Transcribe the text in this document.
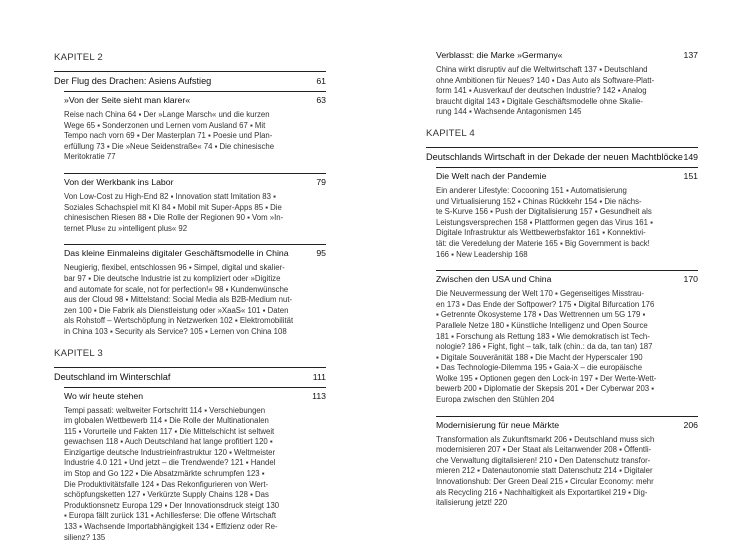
KAPITEL 2
Der Flug des Drachen: Asiens Aufstieg	61
»Von der Seite sieht man klarer«	63
Reise nach China 64 ▪ Der »Lange Marsch« und die kurzen
Wege 65 ▪ Sonderzonen und Lernen vom Ausland 67 ▪ Mit
Tempo nach vorn 69 ▪ Der Masterplan 71 ▪ Poesie und Plan-
erfüllung 73 ▪ Die »Neue Seidenstraße« 74 ▪ Die chinesische
Meritokratie 77
Von der Werkbank ins Labor	79
Von Low-Cost zu High-End 82 ▪ Innovation statt Imitation 83 ▪
Soziales Schachspiel mit KI 84 ▪ Mobil mit Super-Apps 85 ▪ Die
chinesischen Riesen 88 ▪ Die Rolle der Regionen 90 ▪ Vom »In-
ternet Plus« zu »intelligent plus« 92
Das kleine Einmaleins digitaler Geschäftsmodelle in China	95
Neugierig, flexibel, entschlossen 96 ▪ Simpel, digital und skalier-
bar 97 ▪ Die deutsche Industrie ist zu kompliziert oder »Digitize
and automate for scale, not for perfection!« 98 ▪ Kundenwünsche
aus der Cloud 98 ▪ Mittelstand: Social Media als B2B-Medium nut-
zen 100 ▪ Die Fabrik als Dienstleistung oder »XaaS« 101 ▪ Daten
als Rohstoff – Wertschöpfung in Netzwerken 102 ▪ Elektromobilität
in China 103 ▪ Security als Service? 105 ▪ Lernen von China 108
KAPITEL 3
Deutschland im Winterschlaf	111
Wo wir heute stehen	113
Tempi passati: weltweiter Fortschritt 114 ▪ Verschiebungen
im globalen Wettbewerb 114 ▪ Die Rolle der Multinationalen
115 ▪ Vorurteile und Fakten 117 ▪ Die Mittelschicht ist seltweit
gewachsen 118 ▪ Auch Deutschland hat lange profitiert 120 ▪
Einzigartige deutsche Industrieinfrastruktur 120 ▪ Weltmeister
Industrie 4.0 121 ▪ Und jetzt – die Trendwende? 121 ▪ Handel
im Stop and Go 122 ▪ Die Absatzmärkte schrumpfen 123 ▪
Die Produktivitätsfalle 124 ▪ Das Rekonfigurieren von Wert-
schöpfungsketten 127 ▪ Verkürzte Supply Chains 128 ▪ Das
Produktionsnetz Europa 129 ▪ Der Innovationsdruck steigt 130
▪ Europa fällt zurück 131 ▪ Achillesferse: Die offene Wirtschaft
133 ▪ Wachsende Importabhängigkeit 134 ▪ Effizienz oder Re-
silienz? 135
Verblasst: die Marke »Germany«	137
China wirkt disruptiv auf die Weltwirtschaft 137 ▪ Deutschland
ohne Ambitionen für Neues? 140 ▪ Das Auto als Software-Platt-
form 141 ▪ Ausverkauf der deutschen Industrie? 142 ▪ Analog
braucht digital 143 ▪ Digitale Geschäftsmodelle ohne Skalie-
rung 144 ▪ Wachsende Antagonismen 145
KAPITEL 4
Deutschlands Wirtschaft in der Dekade der neuen Machtblöcke 149
Die Welt nach der Pandemie	151
Ein anderer Lifestyle: Cocooning 151 ▪ Automatisierung
und Virtualisierung 152 ▪ Chinas Rückkehr 154 ▪ Die nächs-
te S-Kurve 156 ▪ Push der Digitalisierung 157 ▪ Gesundheit als
Leistungsversprechen 158 ▪ Plattformen gegen das Virus 161 ▪
Digitale Infrastruktur als Wettbewerbsfaktor 161 ▪ Konnektivi-
tät: die Veredelung der Materie 165 ▪ Big Government is back!
166 ▪ New Leadership 168
Zwischen den USA und China	170
Die Neuvermessung der Welt 170 ▪ Gegenseitiges Misstrau-
en 173 ▪ Das Ende der Softpower? 175 ▪ Digital Bifurcation 176
▪ Getrennte Ökosysteme 178 ▪ Das Wettrennen um 5G 179 ▪
Parallele Netze 180 ▪ Künstliche Intelligenz und Open Source
181 ▪ Forschung als Rettung 183 ▪ Wie demokratisch ist Tech-
nologie? 186 ▪ Fight, fight – talk, talk (chin.: da da, tan tan) 187
▪ Digitale Souveränität 188 ▪ Die Macht der Hyperscaler 190
▪ Das Technologie-Dilemma 195 ▪ Gaia-X – die europäische
Wolke 195 ▪ Optionen gegen den Lock-in 197 ▪ Der Werte-Wett-
bewerb 200 ▪ Diplomatie der Skepsis 201 ▪ Der Cyberwar 203 ▪
Europa zwischen den Stühlen 204
Modernisierung für neue Märkte	206
Transformation als Zukunftsmarkt 206 ▪ Deutschland muss sich
modernisieren 207 ▪ Der Staat als Leitanwender 208 ▪ Öffentli-
che Verwaltung digitalisieren! 210 ▪ Den Datenschutz transfor-
mieren 212 ▪ Datenautonomie statt Datenschutz 214 ▪ Digitaler
Innovationshub: Der Green Deal 215 ▪ Circular Economy: mehr
als Recycling 216 ▪ Nachhaltigkeit als Exportartikel 219 ▪ Dig-
italisierung jetzt! 220
